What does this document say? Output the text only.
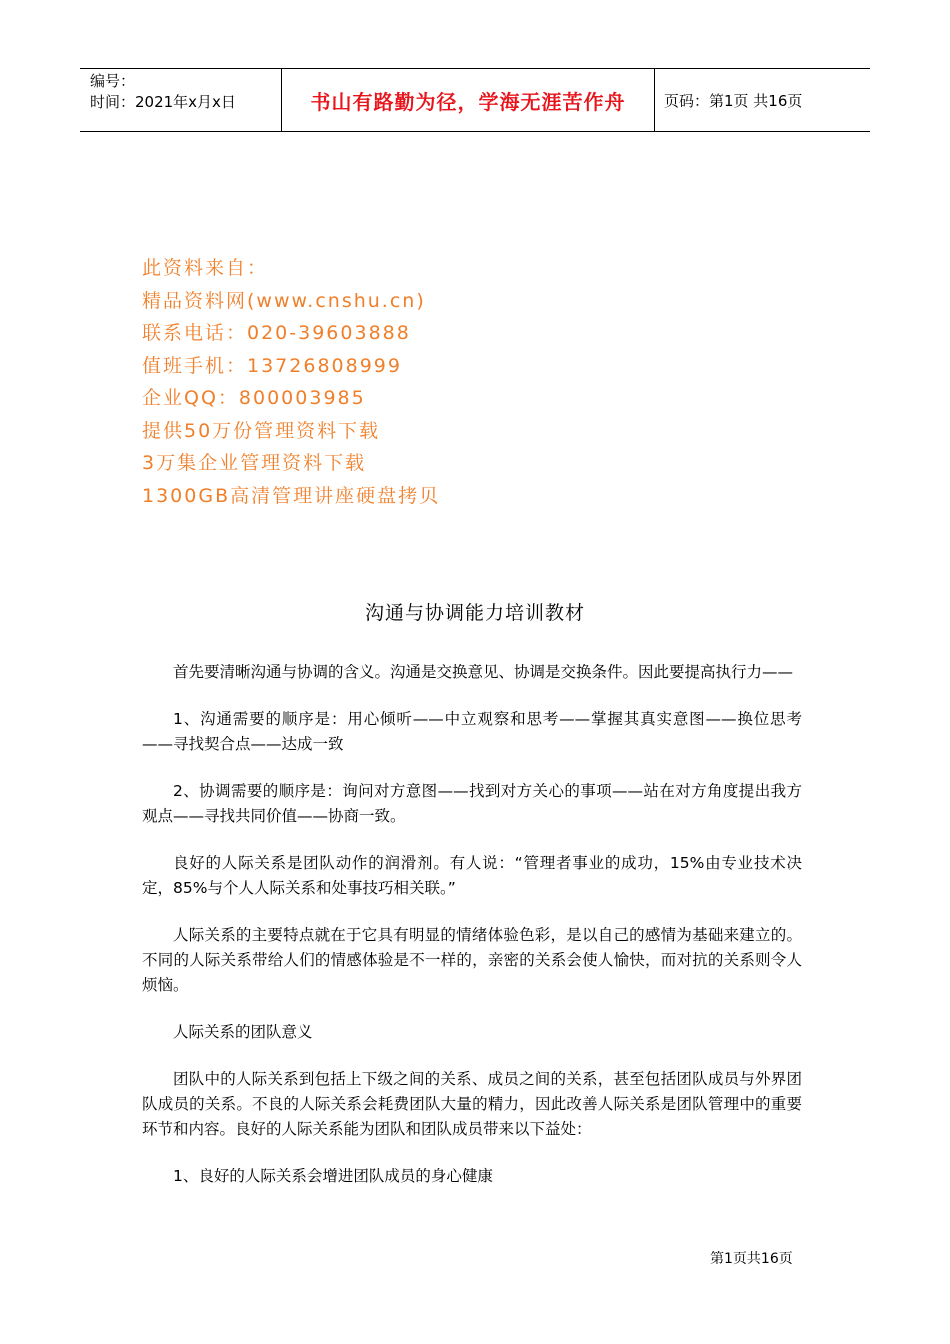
编号：
时间：2021年x月x日	书山有路勤为径，学海无涯苦作舟	页码：第1页 共16页
此资料来自：
精品资料网(www.cnshu.cn)
联系电话：020-39603888
值班手机：13726808999
企业QQ：800003985
提供50万份管理资料下载
3万集企业管理资料下载
1300GB高清管理讲座硬盘拷贝
沟通与协调能力培训教材

首先要清晰沟通与协调的含义。沟通是交换意见、协调是交换条件。因此要提高执行力——

1、沟通需要的顺序是：用心倾听——中立观察和思考——掌握其真实意图——换位思考——寻找契合点——达成一致

2、协调需要的顺序是：询问对方意图——找到对方关心的事项——站在对方角度提出我方观点——寻找共同价值——协商一致。

良好的人际关系是团队动作的润滑剂。有人说：“管理者事业的成功，15%由专业技术决定，85%与个人人际关系和处事技巧相关联。”

人际关系的主要特点就在于它具有明显的情绪体验色彩，是以自己的感情为基础来建立的。不同的人际关系带给人们的情感体验是不一样的，亲密的关系会使人愉快，而对抗的关系则令人烦恼。

人际关系的团队意义

团队中的人际关系到包括上下级之间的关系、成员之间的关系，甚至包括团队成员与外界团队成员的关系。不良的人际关系会耗费团队大量的精力，因此改善人际关系是团队管理中的重要环节和内容。良好的人际关系能为团队和团队成员带来以下益处：

1、良好的人际关系会增进团队成员的身心健康

第1页共16页
